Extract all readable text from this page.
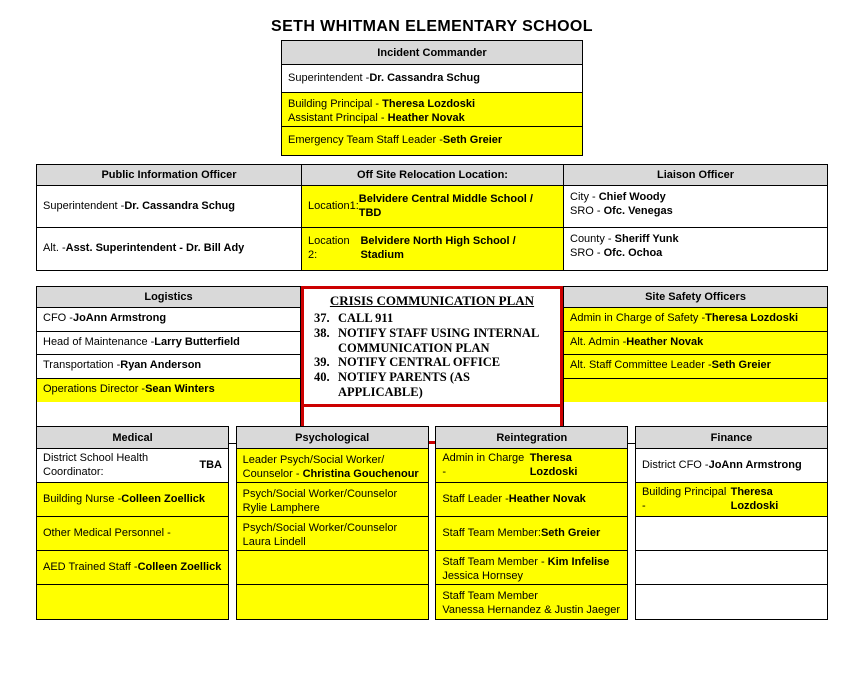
SETH WHITMAN ELEMENTARY SCHOOL
Incident Commander
Superintendent - Dr. Cassandra Schug
Building Principal - Theresa Lozdoski
Assistant Principal - Heather Novak
Emergency Team Staff Leader - Seth Greier
Public Information Officer
Superintendent - Dr. Cassandra Schug
Alt. - Asst. Superintendent - Dr. Bill Ady
Off Site Relocation Location:
Location1:
Belvidere Central Middle School / TBD
Location 2:
Belvidere North High School / Stadium
Liaison Officer
City - Chief Woody
SRO - Ofc. Venegas
County - Sheriff Yunk
SRO - Ofc. Ochoa
Logistics
CFO - JoAnn Armstrong
Head of Maintenance - Larry Butterfield
Transportation - Ryan Anderson
Operations Director - Sean Winters
CRISIS COMMUNICATION PLAN
37. CALL 911
38. NOTIFY STAFF USING INTERNAL COMMUNICATION PLAN
39. NOTIFY CENTRAL OFFICE
40. NOTIFY PARENTS (AS APPLICABLE)
Site Safety Officers
Admin in Charge of Safety - Theresa Lozdoski
Alt. Admin - Heather Novak
Alt. Staff Committee Leader - Seth Greier
Medical
District School Health Coordinator:
TBA
Building Nurse - Colleen Zoellick
Other Medical Personnel -
AED Trained Staff - Colleen Zoellick
Psychological
Leader Psych/Social Worker/
Counselor - Christina Gouchenour
Psych/Social Worker/Counselor
Rylie Lamphere
Psych/Social Worker/Counselor
Laura Lindell
Reintegration
Admin in Charge -
Theresa Lozdoski
Staff Leader - Heather Novak
Staff Team Member: Seth Greier
Staff Team Member - Kim Infelise
Jessica Hornsey
Staff Team Member
Vanessa Hernandez & Justin Jaeger
Finance
District CFO - JoAnn Armstrong
Building Principal -
Theresa Lozdoski
